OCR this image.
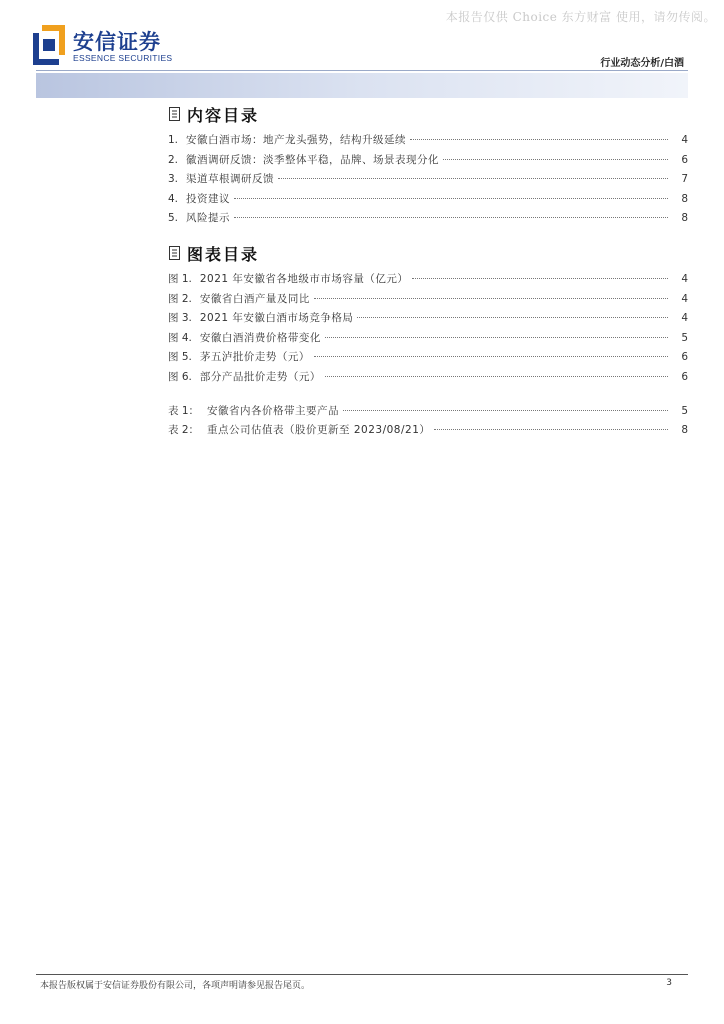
本报告仅供 Choice 东方财富 使用，请勿传阅。
安信证券
ESSENCE SECURITIES	行业动态分析/白酒
内容目录
1. 安徽白酒市场：地产龙头强势，结构升级延续	4
2. 徽酒调研反馈：淡季整体平稳，品牌、场景表现分化	6
3. 渠道草根调研反馈	7
4. 投资建议	8
5. 风险提示	8
图表目录
图 1. 2021 年安徽省各地级市市场容量（亿元）	4
图 2. 安徽省白酒产量及同比	4
图 3. 2021 年安徽白酒市场竞争格局	4
图 4. 安徽白酒消费价格带变化	5
图 5. 茅五泸批价走势（元）	6
图 6. 部分产品批价走势（元）	6
表 1： 安徽省内各价格带主要产品	5
表 2： 重点公司估值表（股价更新至 2023/08/21）	8
本报告版权属于安信证券股份有限公司，各项声明请参见报告尾页。	3
